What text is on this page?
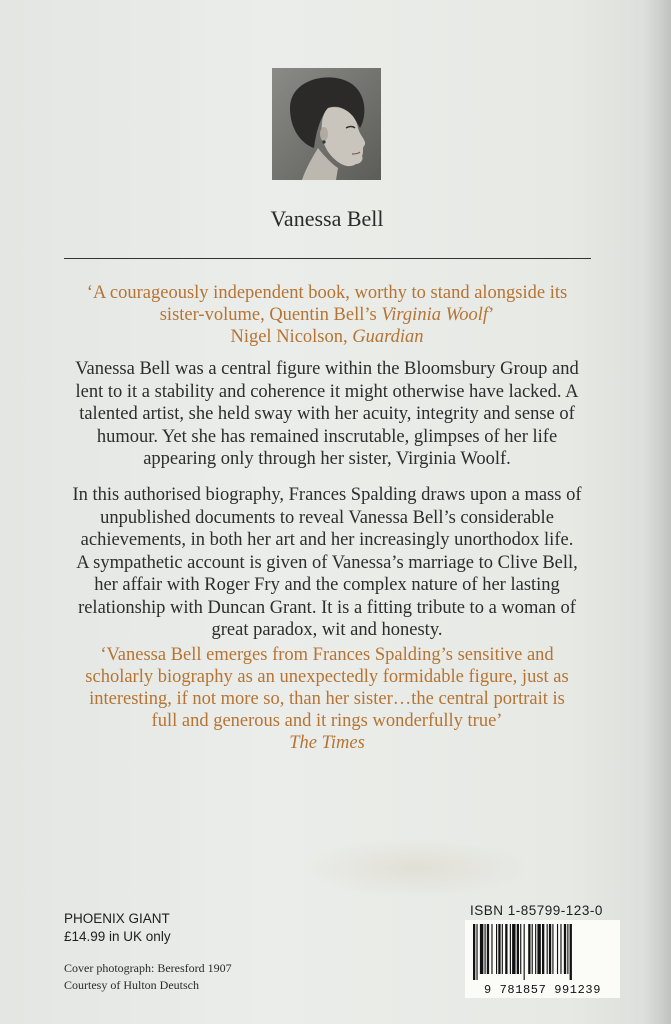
Vanessa Bell
‘A courageously independent book, worthy to stand alongside its
sister-volume, Quentin Bell’s Virginia Woolf’
Nigel Nicolson, Guardian
Vanessa Bell was a central figure within the Bloomsbury Group and
lent to it a stability and coherence it might otherwise have lacked. A
talented artist, she held sway with her acuity, integrity and sense of
humour. Yet she has remained inscrutable, glimpses of her life
appearing only through her sister, Virginia Woolf.
In this authorised biography, Frances Spalding draws upon a mass of
unpublished documents to reveal Vanessa Bell’s considerable
achievements, in both her art and her increasingly unorthodox life.
A sympathetic account is given of Vanessa’s marriage to Clive Bell,
her affair with Roger Fry and the complex nature of her lasting
relationship with Duncan Grant. It is a fitting tribute to a woman of
great paradox, wit and honesty.
‘Vanessa Bell emerges from Frances Spalding’s sensitive and
scholarly biography as an unexpectedly formidable figure, just as
interesting, if not more so, than her sister…the central portrait is
full and generous and it rings wonderfully true’
The Times
PHOENIX GIANT
£14.99 in UK only
Cover photograph: Beresford 1907
Courtesy of Hulton Deutsch
ISBN 1-85799-123-0
9 781857 991239
